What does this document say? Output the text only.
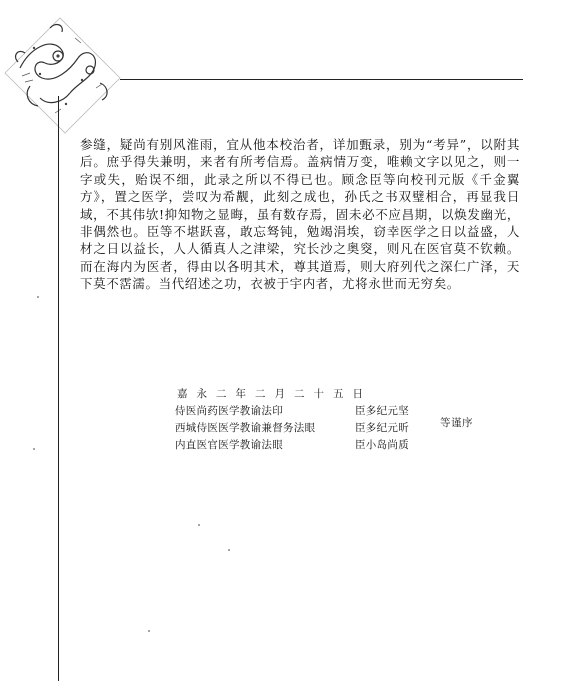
参缝，疑尚有别风淮雨，宜从他本校治者，详加甄录，别为“考异”，以附其后。庶乎得失兼明，来者有所考信焉。盖病情万变，唯赖文字以见之，则一字或失，贻误不细，此录之所以不得已也。顾念臣等向校刊元版《千金翼方》，置之医学，尝叹为希觏，此刻之成也，孙氏之书双璧相合，再显我日域，不其伟欤!抑知物之显晦，虽有数存焉，固未必不应昌期，以焕发幽光，非偶然也。臣等不堪跃喜，敢忘驽钝，勉竭涓埃，窃幸医学之日以益盛，人材之日以益长，人人循真人之津梁，究长沙之奥窔，则凡在医官莫不钦赖。而在海内为医者，得由以各明其术，尊其道焉，则大府列代之深仁广泽，天下莫不霑濡。当代绍述之功，衣被于宇内者，尤将永世而无穷矣。

嘉永二年二月二十五日
侍医尚药医学教谕法印	臣多纪元坚
西城侍医医学教谕兼督务法眼	臣多纪元昕
内直医官医学教谕法眼	臣小岛尚质
等谨序
